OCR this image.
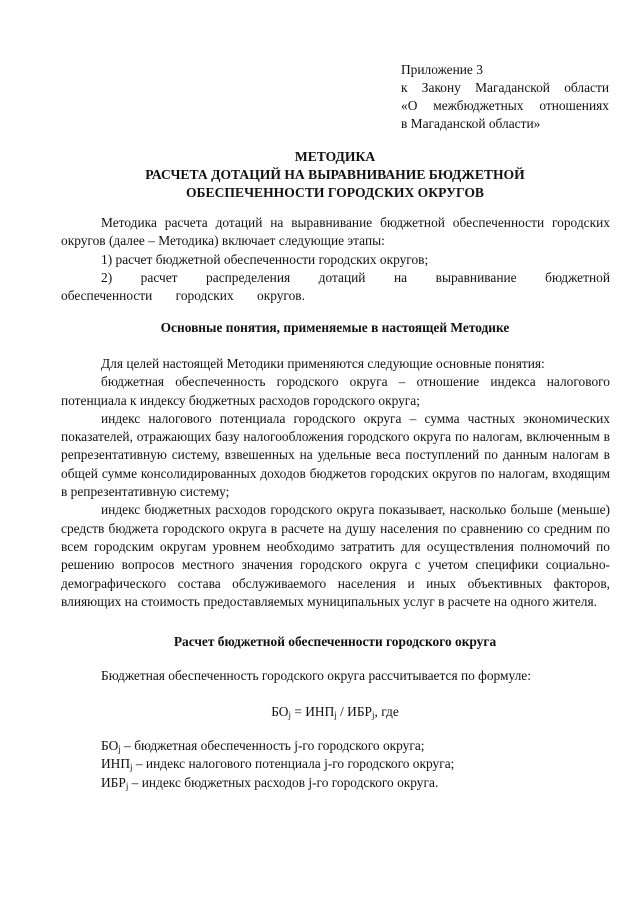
Приложение 3
к Закону Магаданской области
«О межбюджетных отношениях
в Магаданской области»
МЕТОДИКА
РАСЧЕТА ДОТАЦИЙ НА ВЫРАВНИВАНИЕ БЮДЖЕТНОЙ
ОБЕСПЕЧЕННОСТИ ГОРОДСКИХ ОКРУГОВ

Методика расчета дотаций на выравнивание бюджетной обеспеченности городских округов (далее – Методика) включает следующие этапы:

1) расчет бюджетной обеспеченности городских округов;

2) расчет распределения дотаций на выравнивание бюджетной обеспеченности городских округов.

Основные понятия, применяемые в настоящей Методике

Для целей настоящей Методики применяются следующие основные понятия:

бюджетная обеспеченность городского округа – отношение индекса налогового потенциала к индексу бюджетных расходов городского округа;

индекс налогового потенциала городского округа – сумма частных экономических показателей, отражающих базу налогообложения городского округа по налогам, включенным в репрезентативную систему, взвешенных на удельные веса поступлений по данным налогам в общей сумме консолидированных доходов бюджетов городских округов по налогам, входящим в репрезентативную систему;

индекс бюджетных расходов городского округа показывает, насколько больше (меньше) средств бюджета городского округа в расчете на душу населения по сравнению со средним по всем городским округам уровнем необходимо затратить для осуществления полномочий по решению вопросов местного значения городского округа с учетом специфики социально-демографического состава обслуживаемого населения и иных объективных факторов, влияющих на стоимость предоставляемых муниципальных услуг в расчете на одного жителя.

Расчет бюджетной обеспеченности городского округа

Бюджетная обеспеченность городского округа рассчитывается по формуле:

$БО_j = ИНП_j / ИБР_j$, где
$БО_j$ – бюджетная обеспеченность j-го городского округа;
$ИНП_j$ – индекс налогового потенциала j-го городского округа;
$ИБР_j$ – индекс бюджетных расходов j-го городского округа.
